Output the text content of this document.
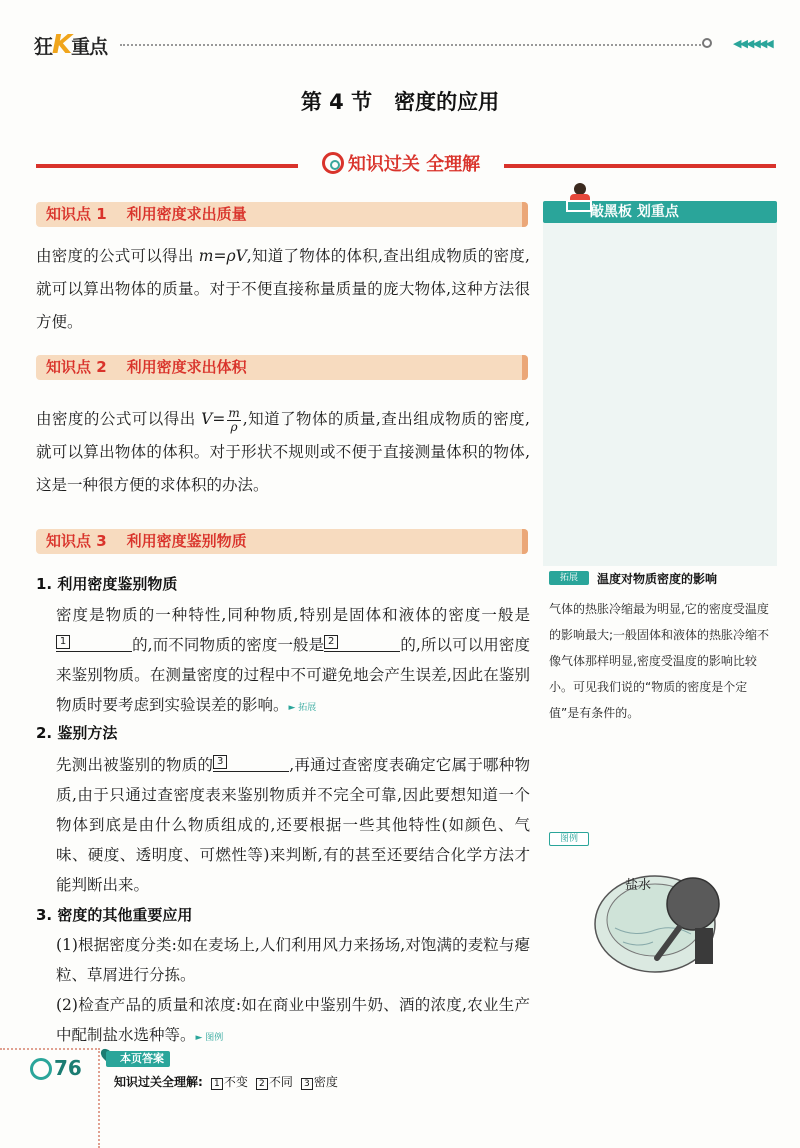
狂K重点	◀◀◀◀◀◀
第 4 节 密度的应用
知识过关 全理解
知识点 1 利用密度求出质量

由密度的公式可以得出 m=ρV,知道了物体的体积,查出组成物质的密度,就可以算出物体的质量。对于不便直接称量质量的庞大物体,这种方法很方便。

知识点 2 利用密度求出体积

由密度的公式可以得出 $V= \frac{m}{\rho}$ ,知道了物体的质量,查出组成物质的密度,就可以算出物体的体积。对于形状不规则或不便于直接测量体积的物体,这是一种很方便的求体积的办法。

知识点 3 利用密度鉴别物质
1. 利用密度鉴别物质

密度是物质的一种特性,同种物质,特别是固体和液体的密度一般是
1	的,而不同物质的密度一般是 2	的,所以可以用密度来鉴别物质。在测量密度的过程中不可避免地会产生误差,因此在鉴别物质时要考虑到实验误差的影响。► 拓展

2. 鉴别方法

先测出被鉴别的物质的 3	,再通过查密度表确定它属于哪种物质,由于只通过查密度表来鉴别物质并不完全可靠,因此要想知道一个物体到底是由什么物质组成的,还要根据一些其他特性(如颜色、气味、硬度、透明度、可燃性等)来判断,有的甚至还要结合化学方法才能判断出来。

3. 密度的其他重要应用

(1)根据密度分类:如在麦场上,人们利用风力来扬场,对饱满的麦粒与瘪粒、草屑进行分拣。

(2)检查产品的质量和浓度:如在商业中鉴别牛奶、酒的浓度,农业生产中配制盐水选种等。► 图例

敲黑板 划重点
拓展	温度对物质密度的影响

气体的热胀冷缩最为明显,它的密度受温度的影响最大;一般固体和液体的热胀冷缩不像气体那样明显,密度受温度的影响比较小。可见我们说的“物质的密度是个定值”是有条件的。

图例
盐水
76	本页答案
知识过关全理解: 1 不变 2 不同 3 密度
